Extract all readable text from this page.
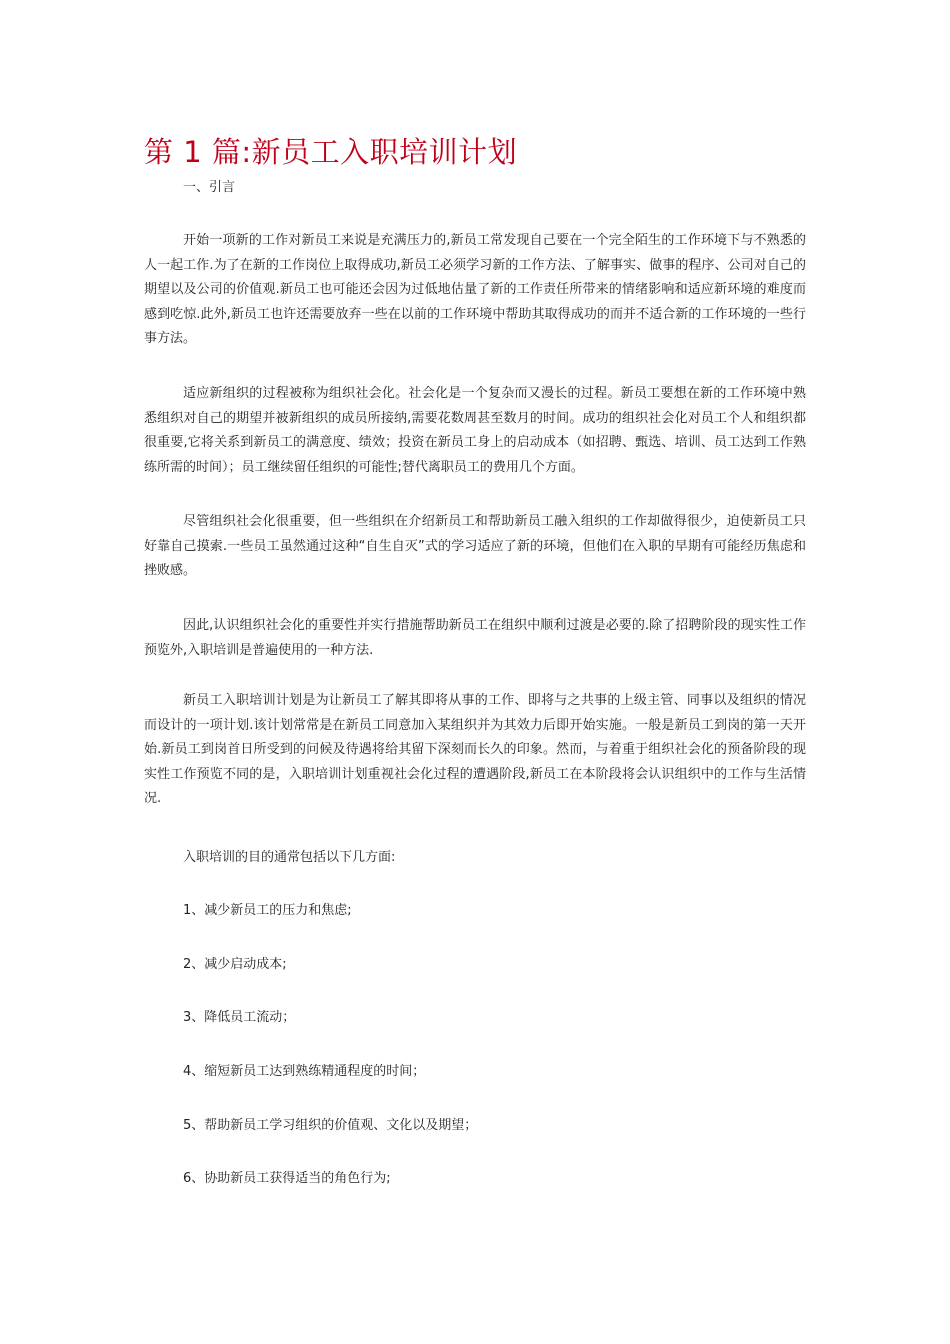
第 1 篇:新员工入职培训计划
一、引言

开始一项新的工作对新员工来说是充满压力的,新员工常发现自己要在一个完全陌生的工作环境下与不熟悉的人一起工作.为了在新的工作岗位上取得成功,新员工必须学习新的工作方法、了解事实、做事的程序、公司对自己的期望以及公司的价值观.新员工也可能还会因为过低地估量了新的工作责任所带来的情绪影响和适应新环境的难度而感到吃惊.此外,新员工也许还需要放弃一些在以前的工作环境中帮助其取得成功的而并不适合新的工作环境的一些行事方法。

适应新组织的过程被称为组织社会化。社会化是一个复杂而又漫长的过程。新员工要想在新的工作环境中熟悉组织对自己的期望并被新组织的成员所接纳,需要花数周甚至数月的时间。成功的组织社会化对员工个人和组织都很重要,它将关系到新员工的满意度、绩效；投资在新员工身上的启动成本（如招聘、甄选、培训、员工达到工作熟练所需的时间）；员工继续留任组织的可能性;替代离职员工的费用几个方面。

尽管组织社会化很重要，但一些组织在介绍新员工和帮助新员工融入组织的工作却做得很少，迫使新员工只好靠自己摸索.一些员工虽然通过这种“自生自灭”式的学习适应了新的环境，但他们在入职的早期有可能经历焦虑和挫败感。

因此,认识组织社会化的重要性并实行措施帮助新员工在组织中顺利过渡是必要的.除了招聘阶段的现实性工作预览外,入职培训是普遍使用的一种方法.

新员工入职培训计划是为让新员工了解其即将从事的工作、即将与之共事的上级主管、同事以及组织的情况而设计的一项计划.该计划常常是在新员工同意加入某组织并为其效力后即开始实施。一般是新员工到岗的第一天开始.新员工到岗首日所受到的问候及待遇将给其留下深刻而长久的印象。然而，与着重于组织社会化的预备阶段的现实性工作预览不同的是，入职培训计划重视社会化过程的遭遇阶段,新员工在本阶段将会认识组织中的工作与生活情况.

入职培训的目的通常包括以下几方面:
1、减少新员工的压力和焦虑;
2、减少启动成本;
3、降低员工流动；
4、缩短新员工达到熟练精通程度的时间；
5、帮助新员工学习组织的价值观、文化以及期望；
6、协助新员工获得适当的角色行为;
